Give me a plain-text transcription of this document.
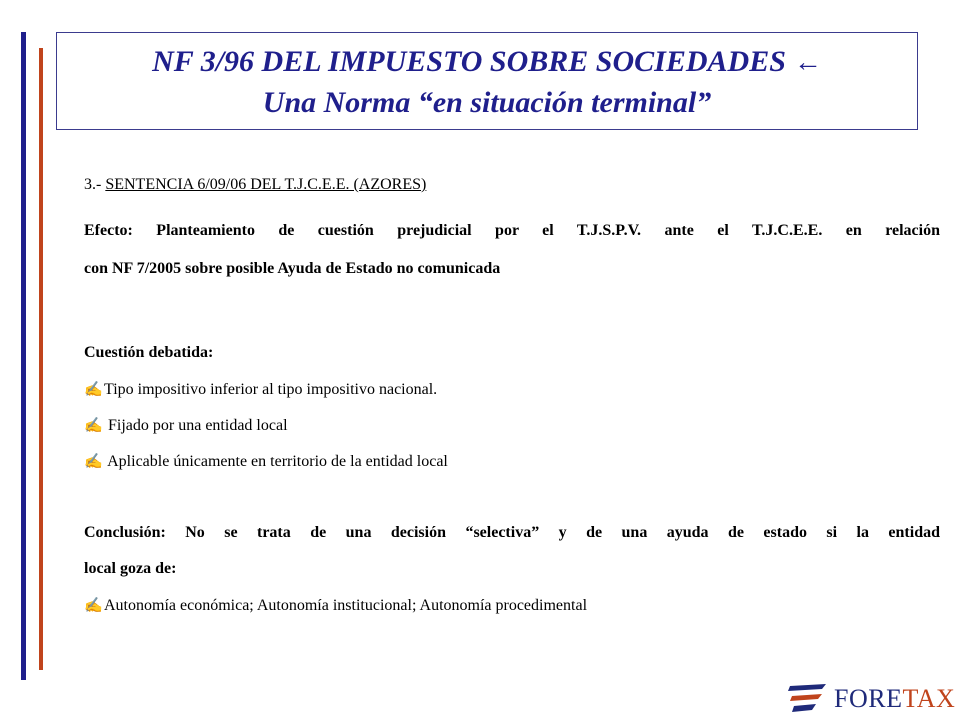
NF 3/96 DEL IMPUESTO SOBRE SOCIEDADES ←
Una Norma “en situación terminal”
3.- SENTENCIA 6/09/06 DEL T.J.C.E.E. (AZORES)
Efecto: Planteamiento de cuestión prejudicial por el T.J.S.P.V. ante el T.J.C.E.E. en relación
con NF 7/2005 sobre posible Ayuda de Estado no comunicada
Cuestión debatida:
✍Tipo impositivo inferior al tipo impositivo nacional.
✍ Fijado por una entidad local
✍ Aplicable únicamente en territorio de la entidad local
Conclusión: No se trata de una decisión “selectiva” y de una ayuda de estado si la entidad
local goza de:
✍Autonomía económica; Autonomía institucional; Autonomía procedimental
FORETAX
